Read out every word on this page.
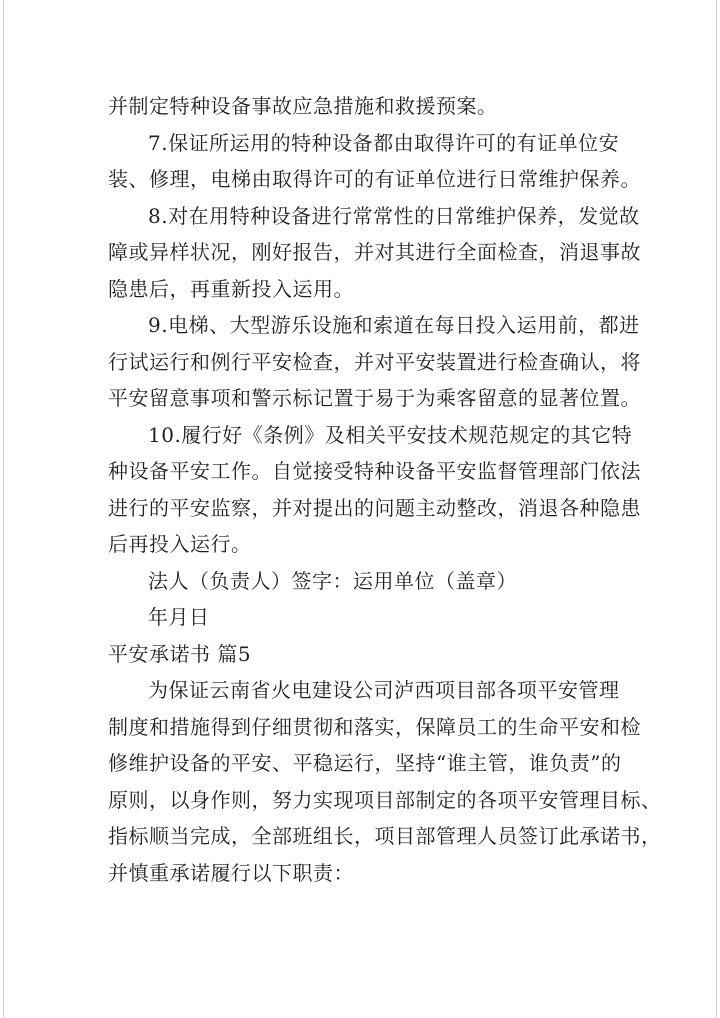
并制定特种设备事故应急措施和救援预案。
7.保证所运用的特种设备都由取得许可的有证单位安
装、修理，电梯由取得许可的有证单位进行日常维护保养。
8.对在用特种设备进行常常性的日常维护保养，发觉故
障或异样状况，刚好报告，并对其进行全面检查，消退事故
隐患后，再重新投入运用。
9.电梯、大型游乐设施和索道在每日投入运用前，都进
行试运行和例行平安检查，并对平安装置进行检查确认，将
平安留意事项和警示标记置于易于为乘客留意的显著位置。
10.履行好《条例》及相关平安技术规范规定的其它特
种设备平安工作。自觉接受特种设备平安监督管理部门依法
进行的平安监察，并对提出的问题主动整改，消退各种隐患
后再投入运行。
法人（负责人）签字：运用单位（盖章）
年月日
平安承诺书 篇5
为保证云南省火电建设公司泸西项目部各项平安管理
制度和措施得到仔细贯彻和落实，保障员工的生命平安和检
修维护设备的平安、平稳运行，坚持“谁主管，谁负责”的
原则，以身作则，努力实现项目部制定的各项平安管理目标、
指标顺当完成，全部班组长，项目部管理人员签订此承诺书，
并慎重承诺履行以下职责：
